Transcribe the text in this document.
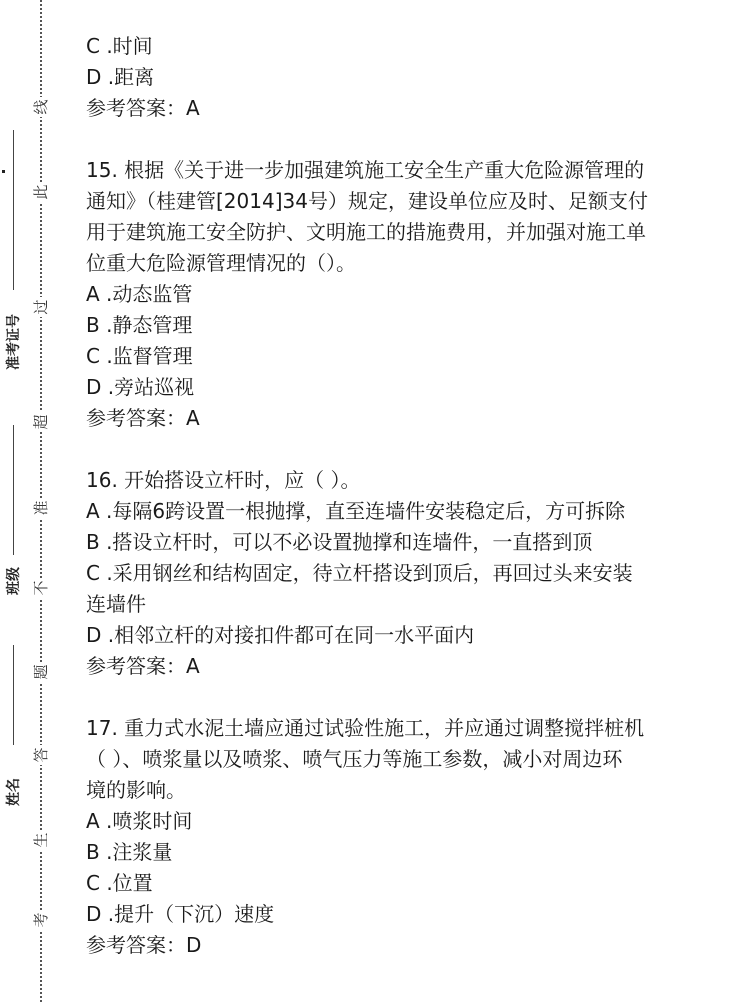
线
此
过
超
准
不
题
答
生
考
准考证号
班级
姓名

C .时间

D .距离

参考答案：A

15. 根据《关于进一步加强建筑施工安全生产重大危险源管理的

通知》（桂建管[2014]34号）规定，建设单位应及时、足额支付

用于建筑施工安全防护、文明施工的措施费用，并加强对施工单

位重大危险源管理情况的（）。

A .动态监管

B .静态管理

C .监督管理

D .旁站巡视

参考答案：A

16. 开始搭设立杆时，应（ ）。

A .每隔6跨设置一根抛撑，直至连墙件安装稳定后，方可拆除

B .搭设立杆时，可以不必设置抛撑和连墙件，一直搭到顶

C .采用钢丝和结构固定，待立杆搭设到顶后，再回过头来安装

连墙件

D .相邻立杆的对接扣件都可在同一水平面内

参考答案：A

17. 重力式水泥土墙应通过试验性施工，并应通过调整搅拌桩机

（ ）、喷浆量以及喷浆、喷气压力等施工参数，减小对周边环

境的影响。

A .喷浆时间

B .注浆量

C .位置

D .提升（下沉）速度

参考答案：D
